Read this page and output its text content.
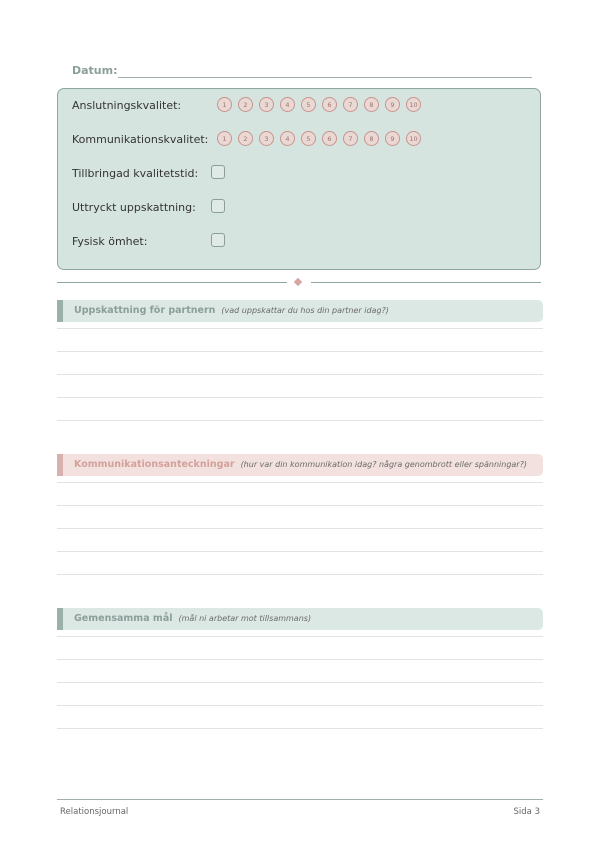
Datum:
Anslutningskvalitet:	1	2	3	4	5	6	7	8	9	10
Kommunikationskvalitet:	1	2	3	4	5	6	7	8	9	10
Tillbringad kvalitetstid:
Uttryckt uppskattning:
Fysisk ömhet:
Uppskattning för partnern (vad uppskattar du hos din partner idag?)
Kommunikationsanteckningar (hur var din kommunikation idag? några genombrott eller spänningar?)
Gemensamma mål (mål ni arbetar mot tillsammans)
Relationsjournal	Sida 3
